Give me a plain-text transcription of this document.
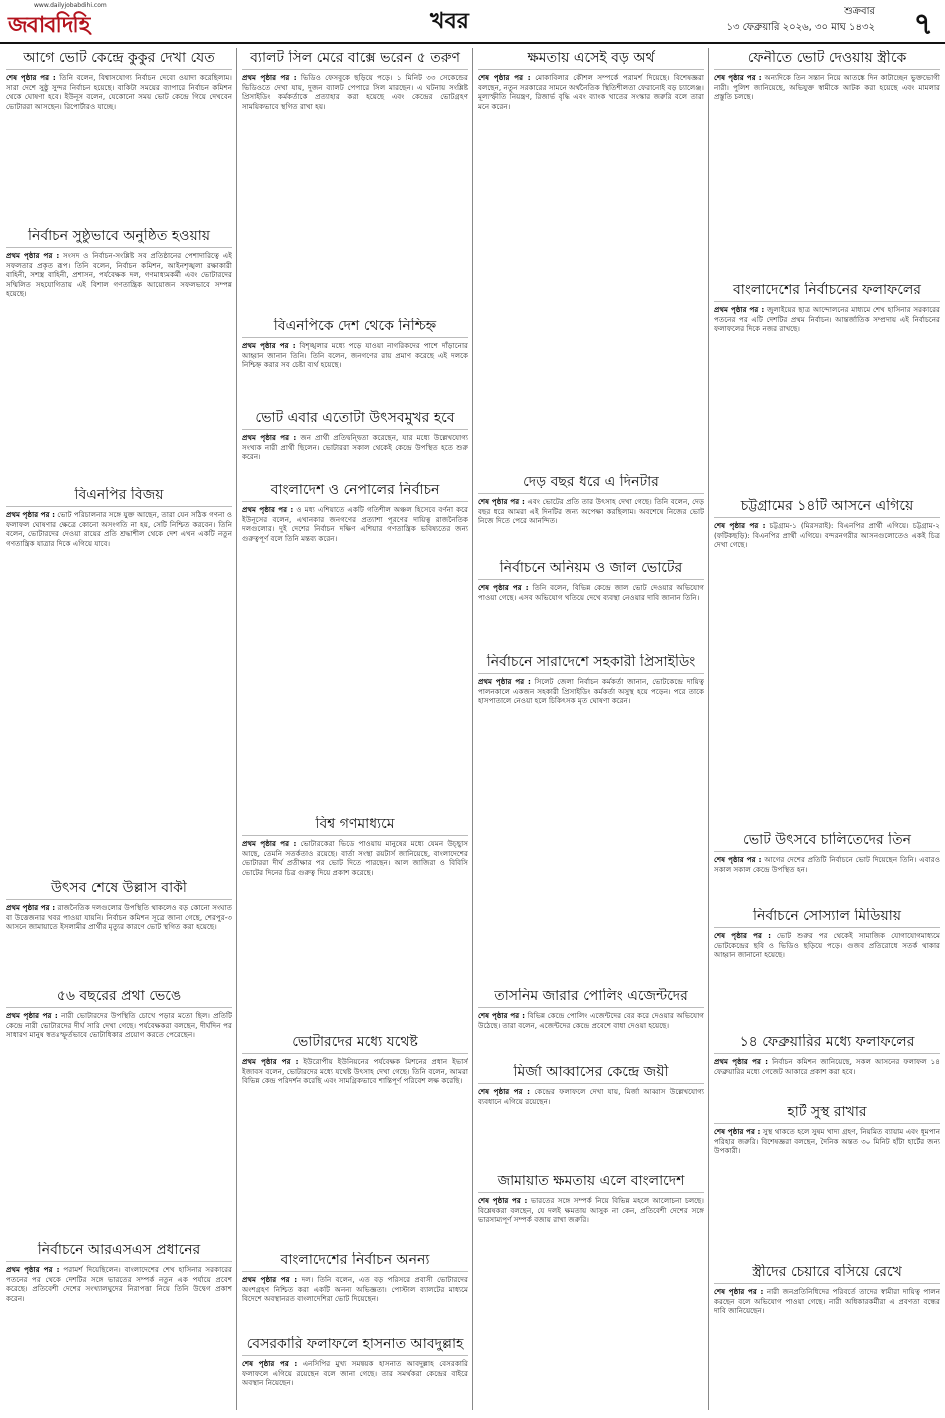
www.dailyjobabdihi.com
জবাবদিহি	খবর	শুক্রবার
১৩ ফেব্রুয়ারি ২০২৬, ৩০ মাঘ ১৪৩২ ৭
আগে ভোট কেন্দ্রে কুকুর দেখা যেত

শেষ পৃষ্ঠার পর : তিনি বলেন, বিশ্বাসযোগ্য নির্বাচন দেবো ওয়াদা করেছিলাম। সারা দেশে সুষ্ঠু সুন্দর নির্বাচন হয়েছে। বাকিটা সময়ের ব্যাপারে নির্বাচন কমিশন থেকে ঘোষণা হবে। ইউনূস বলেন, যেকোনো সময় ভোট কেন্দ্রে গিয়ে দেখবেন ভোটাররা আসছেন। রিপোর্টারও যাচ্ছে।

নির্বাচন সুষ্ঠুভাবে অনুষ্ঠিত হওয়ায়

প্রথম পৃষ্ঠার পর : সংসদ ও নির্বাচন-সংশ্লিষ্ট সব প্রতিষ্ঠানের পেশাদারিত্বে এই সফলতার প্রকৃত রূপ। তিনি বলেন, নির্বাচন কমিশন, আইনশৃঙ্খলা রক্ষাকারী বাহিনী, সশস্ত্র বাহিনী, প্রশাসন, পর্যবেক্ষক দল, গণমাধ্যমকর্মী এবং ভোটারদের সম্মিলিত সহযোগিতায় এই বিশাল গণতান্ত্রিক আয়োজন সফলভাবে সম্পন্ন হয়েছে।

বিএনপির বিজয়

প্রথম পৃষ্ঠার পর : ভোট পরিচালনার সঙ্গে যুক্ত আছেন, তারা যেন সঠিক গণনা ও ফলাফল ঘোষণার ক্ষেত্রে কোনো অসংগতি না হয়, সেটি নিশ্চিত করবেন। তিনি বলেন, ভোটারদের দেওয়া রায়ের প্রতি শ্রদ্ধাশীল থেকে দেশ এখন একটি নতুন গণতান্ত্রিক যাত্রার দিকে এগিয়ে যাবে।

উৎসব শেষে উল্লাস বাকী

প্রথম পৃষ্ঠার পর : রাজনৈতিক দলগুলোর উপস্থিতি থাকলেও বড় কোনো সংঘাত বা উত্তেজনার খবর পাওয়া যায়নি। নির্বাচন কমিশন সূত্রে জানা গেছে, শেরপুর-৩ আসনে জামায়াতে ইসলামীর প্রার্থীর মৃত্যুর কারণে ভোট স্থগিত করা হয়েছে।

৫৬ বছরের প্রথা ভেঙে

প্রথম পৃষ্ঠার পর : নারী ভোটারদের উপস্থিতি চোখে পড়ার মতো ছিল। প্রতিটি কেন্দ্রে নারী ভোটারদের দীর্ঘ সারি দেখা গেছে। পর্যবেক্ষকরা বলছেন, দীর্ঘদিন পর সাধারণ মানুষ স্বতঃস্ফূর্তভাবে ভোটাধিকার প্রয়োগ করতে পেরেছেন।

নির্বাচনে আরএসএস প্রধানের

প্রথম পৃষ্ঠার পর : পরামর্শ দিয়েছিলেন। বাংলাদেশের শেখ হাসিনার সরকারের পতনের পর থেকে দেশটির সঙ্গে ভারতের সম্পর্ক নতুন এক পর্যায়ে প্রবেশ করেছে। প্রতিবেশী দেশের সংখ্যালঘুদের নিরাপত্তা নিয়ে তিনি উদ্বেগ প্রকাশ করেন।

ব্যালট সিল মেরে বাক্সে ভরেন ৫ তরুণ

প্রথম পৃষ্ঠার পর : ভিডিও ফেসবুকে ছড়িয়ে পড়ে। ১ মিনিট ৩৩ সেকেন্ডের ভিডিওতে দেখা যায়, দুজন ব্যালট পেপারে সিল মারছেন। এ ঘটনায় সংশ্লিষ্ট প্রিসাইডিং কর্মকর্তাকে প্রত্যাহার করা হয়েছে এবং কেন্দ্রের ভোটগ্রহণ সাময়িকভাবে স্থগিত রাখা হয়।

বিএনপিকে দেশ থেকে নিশ্চিহ্ন

প্রথম পৃষ্ঠার পর : বিশৃঙ্খলার মধ্যে পড়ে যাওয়া নাগরিকদের পাশে দাঁড়ানোর আহ্বান জানান তিনি। তিনি বলেন, জনগণের রায় প্রমাণ করেছে এই দলকে নিশ্চিহ্ন করার সব চেষ্টা ব্যর্থ হয়েছে।

ভোট এবার এতোটা উৎসবমুখর হবে

প্রথম পৃষ্ঠার পর : জন প্রার্থী প্রতিদ্বন্দ্বিতা করেছেন, যার মধ্যে উল্লেখযোগ্য সংখ্যক নারী প্রার্থী ছিলেন। ভোটাররা সকাল থেকেই কেন্দ্রে উপস্থিত হতে শুরু করেন।

বাংলাদেশ ও নেপালের নির্বাচন

প্রথম পৃষ্ঠার পর : ও মধ্য এশিয়াতে একটি গতিশীল অঞ্চল হিসেবে বর্ণনা করে ইউনূসের বলেন, এখানকার জনগণের প্রত্যাশা পূরণের দায়িত্ব রাজনৈতিক দলগুলোর। দুই দেশের নির্বাচন দক্ষিণ এশিয়ার গণতান্ত্রিক ভবিষ্যতের জন্য গুরুত্বপূর্ণ বলে তিনি মন্তব্য করেন।

বিশ্ব গণমাধ্যমে

প্রথম পৃষ্ঠার পর : ভোটারকেরা ভিডে পাওয়ায় মানুষের মধ্যে যেমন উচ্ছ্বাস আছে, তেমনি সতর্কতাও রয়েছে। বার্তা সংস্থা রয়টার্স জানিয়েছে, বাংলাদেশের ভোটাররা দীর্ঘ প্রতীক্ষার পর ভোট দিতে পারছেন। আল জাজিরা ও বিবিসি ভোটের দিনের চিত্র গুরুত্ব দিয়ে প্রকাশ করেছে।

ভোটারদের মধ্যে যথেষ্ট

প্রথম পৃষ্ঠার পর : ইউরোপীয় ইউনিয়নের পর্যবেক্ষক মিশনের প্রধান ইভার্স ইজাবস বলেন, ভোটারদের মধ্যে যথেষ্ট উৎসাহ দেখা গেছে। তিনি বলেন, আমরা বিভিন্ন কেন্দ্র পরিদর্শন করেছি এবং সামগ্রিকভাবে শান্তিপূর্ণ পরিবেশ লক্ষ করেছি।

বাংলাদেশের নির্বাচন অনন্য

প্রথম পৃষ্ঠার পর : দল। তিনি বলেন, এত বড় পরিসরে প্রবাসী ভোটারদের অংশগ্রহণ নিশ্চিত করা একটি অনন্য অভিজ্ঞতা। পোস্টাল ব্যালটের মাধ্যমে বিদেশে অবস্থানরত বাংলাদেশিরা ভোট দিয়েছেন।

বেসরকারি ফলাফলে হাসনাত আবদুল্লাহ

শেষ পৃষ্ঠার পর : এনসিপির মুখ্য সমন্বয়ক হাসনাত আবদুল্লাহ বেসরকারি ফলাফলে এগিয়ে রয়েছেন বলে জানা গেছে। তার সমর্থকরা কেন্দ্রের বাইরে অবস্থান নিয়েছেন।

ক্ষমতায় এসেই বড় অর্থ

শেষ পৃষ্ঠার পর : মোকাবিলার কৌশল সম্পর্কে পরামর্শ দিয়েছে। বিশেষজ্ঞরা বলছেন, নতুন সরকারের সামনে অর্থনৈতিক স্থিতিশীলতা ফেরানোই বড় চ্যালেঞ্জ। মূল্যস্ফীতি নিয়ন্ত্রণ, রিজার্ভ বৃদ্ধি এবং ব্যাংক খাতের সংস্কার জরুরি বলে তারা মনে করেন।

দেড় বছর ধরে এ দিনটার

শেষ পৃষ্ঠার পর : এবং ভোটের প্রতি তার উৎসাহ দেখা গেছে। তিনি বলেন, দেড় বছর ধরে আমরা এই দিনটির জন্য অপেক্ষা করছিলাম। অবশেষে নিজের ভোট নিজে দিতে পেরে আনন্দিত।

নির্বাচনে অনিয়ম ও জাল ভোটের

শেষ পৃষ্ঠার পর : তিনি বলেন, বিভিন্ন কেন্দ্রে জাল ভোট দেওয়ার অভিযোগ পাওয়া গেছে। এসব অভিযোগ খতিয়ে দেখে ব্যবস্থা নেওয়ার দাবি জানান তিনি।

নির্বাচনে সারাদেশে সহকারী প্রিসাইডিং

প্রথম পৃষ্ঠার পর : সিলেট জেলা নির্বাচন কর্মকর্তা জানান, ভোটকেন্দ্রে দায়িত্ব পালনকালে একজন সহকারী প্রিসাইডিং কর্মকর্তা অসুস্থ হয়ে পড়েন। পরে তাকে হাসপাতালে নেওয়া হলে চিকিৎসক মৃত ঘোষণা করেন।

তাসনিম জারার পোলিং এজেন্টদের

শেষ পৃষ্ঠার পর : বিভিন্ন কেন্দ্রে পোলিং এজেন্টদের বের করে দেওয়ার অভিযোগ উঠেছে। তারা বলেন, এজেন্টদের কেন্দ্রে প্রবেশে বাধা দেওয়া হয়েছে।

মির্জা আব্বাসের কেন্দ্রে জয়ী

শেষ পৃষ্ঠার পর : কেন্দ্রের ফলাফলে দেখা যায়, মির্জা আব্বাস উল্লেখযোগ্য ব্যবধানে এগিয়ে রয়েছেন।

জামায়াত ক্ষমতায় এলে বাংলাদেশ

শেষ পৃষ্ঠার পর : ভারতের সঙ্গে সম্পর্ক নিয়ে বিভিন্ন মহলে আলোচনা চলছে। বিশ্লেষকরা বলছেন, যে দলই ক্ষমতায় আসুক না কেন, প্রতিবেশী দেশের সঙ্গে ভারসাম্যপূর্ণ সম্পর্ক বজায় রাখা জরুরি।

ফেনীতে ভোট দেওয়ায় স্ত্রীকে

শেষ পৃষ্ঠার পর : অন্যদিকে তিন সন্তান নিয়ে আতঙ্কে দিন কাটাচ্ছেন ভুক্তভোগী নারী। পুলিশ জানিয়েছে, অভিযুক্ত স্বামীকে আটক করা হয়েছে এবং মামলার প্রস্তুতি চলছে।

বাংলাদেশের নির্বাচনের ফলাফলের

প্রথম পৃষ্ঠার পর : জুলাইয়ের ছাত্র আন্দোলনের মাধ্যমে শেখ হাসিনার সরকারের পতনের পর এটি দেশটির প্রথম নির্বাচন। আন্তর্জাতিক সম্প্রদায় এই নির্বাচনের ফলাফলের দিকে নজর রাখছে।

চট্টগ্রামের ১৪টি আসনে এগিয়ে

শেষ পৃষ্ঠার পর : চট্টগ্রাম-১ (মিরসরাই): বিএনপির প্রার্থী এগিয়ে। চট্টগ্রাম-২ (ফটিকছড়ি): বিএনপির প্রার্থী এগিয়ে। বন্দরনগরীর আসনগুলোতেও একই চিত্র দেখা গেছে।

ভোট উৎসবে চালিতেদের তিন

শেষ পৃষ্ঠার পর : আগের দেশের প্রতিটি নির্বাচনে ভোট দিয়েছেন তিনি। এবারও সকাল সকাল কেন্দ্রে উপস্থিত হন।

নির্বাচনে সোস্যাল মিডিয়ায়

শেষ পৃষ্ঠার পর : ভোট শুরুর পর থেকেই সামাজিক যোগাযোগমাধ্যমে ভোটকেন্দ্রের ছবি ও ভিডিও ছড়িয়ে পড়ে। গুজব প্রতিরোধে সতর্ক থাকার আহ্বান জানানো হয়েছে।

১৪ ফেব্রুয়ারির মধ্যে ফলাফলের

প্রথম পৃষ্ঠার পর : নির্বাচন কমিশন জানিয়েছে, সকল আসনের ফলাফল ১৪ ফেব্রুয়ারির মধ্যে গেজেট আকারে প্রকাশ করা হবে।

হার্ট সুস্থ রাখার

শেষ পৃষ্ঠার পর : সুস্থ থাকতে হলে সুষম খাদ্য গ্রহণ, নিয়মিত ব্যায়াম এবং ধূমপান পরিহার জরুরি। বিশেষজ্ঞরা বলছেন, দৈনিক অন্তত ৩০ মিনিট হাঁটা হার্টের জন্য উপকারী।

স্ত্রীদের চেয়ারে বসিয়ে রেখে

শেষ পৃষ্ঠার পর : নারী জনপ্রতিনিধিদের পরিবর্তে তাদের স্বামীরা দায়িত্ব পালন করছেন বলে অভিযোগ পাওয়া গেছে। নারী অধিকারকর্মীরা এ প্রবণতা বন্ধের দাবি জানিয়েছেন।
